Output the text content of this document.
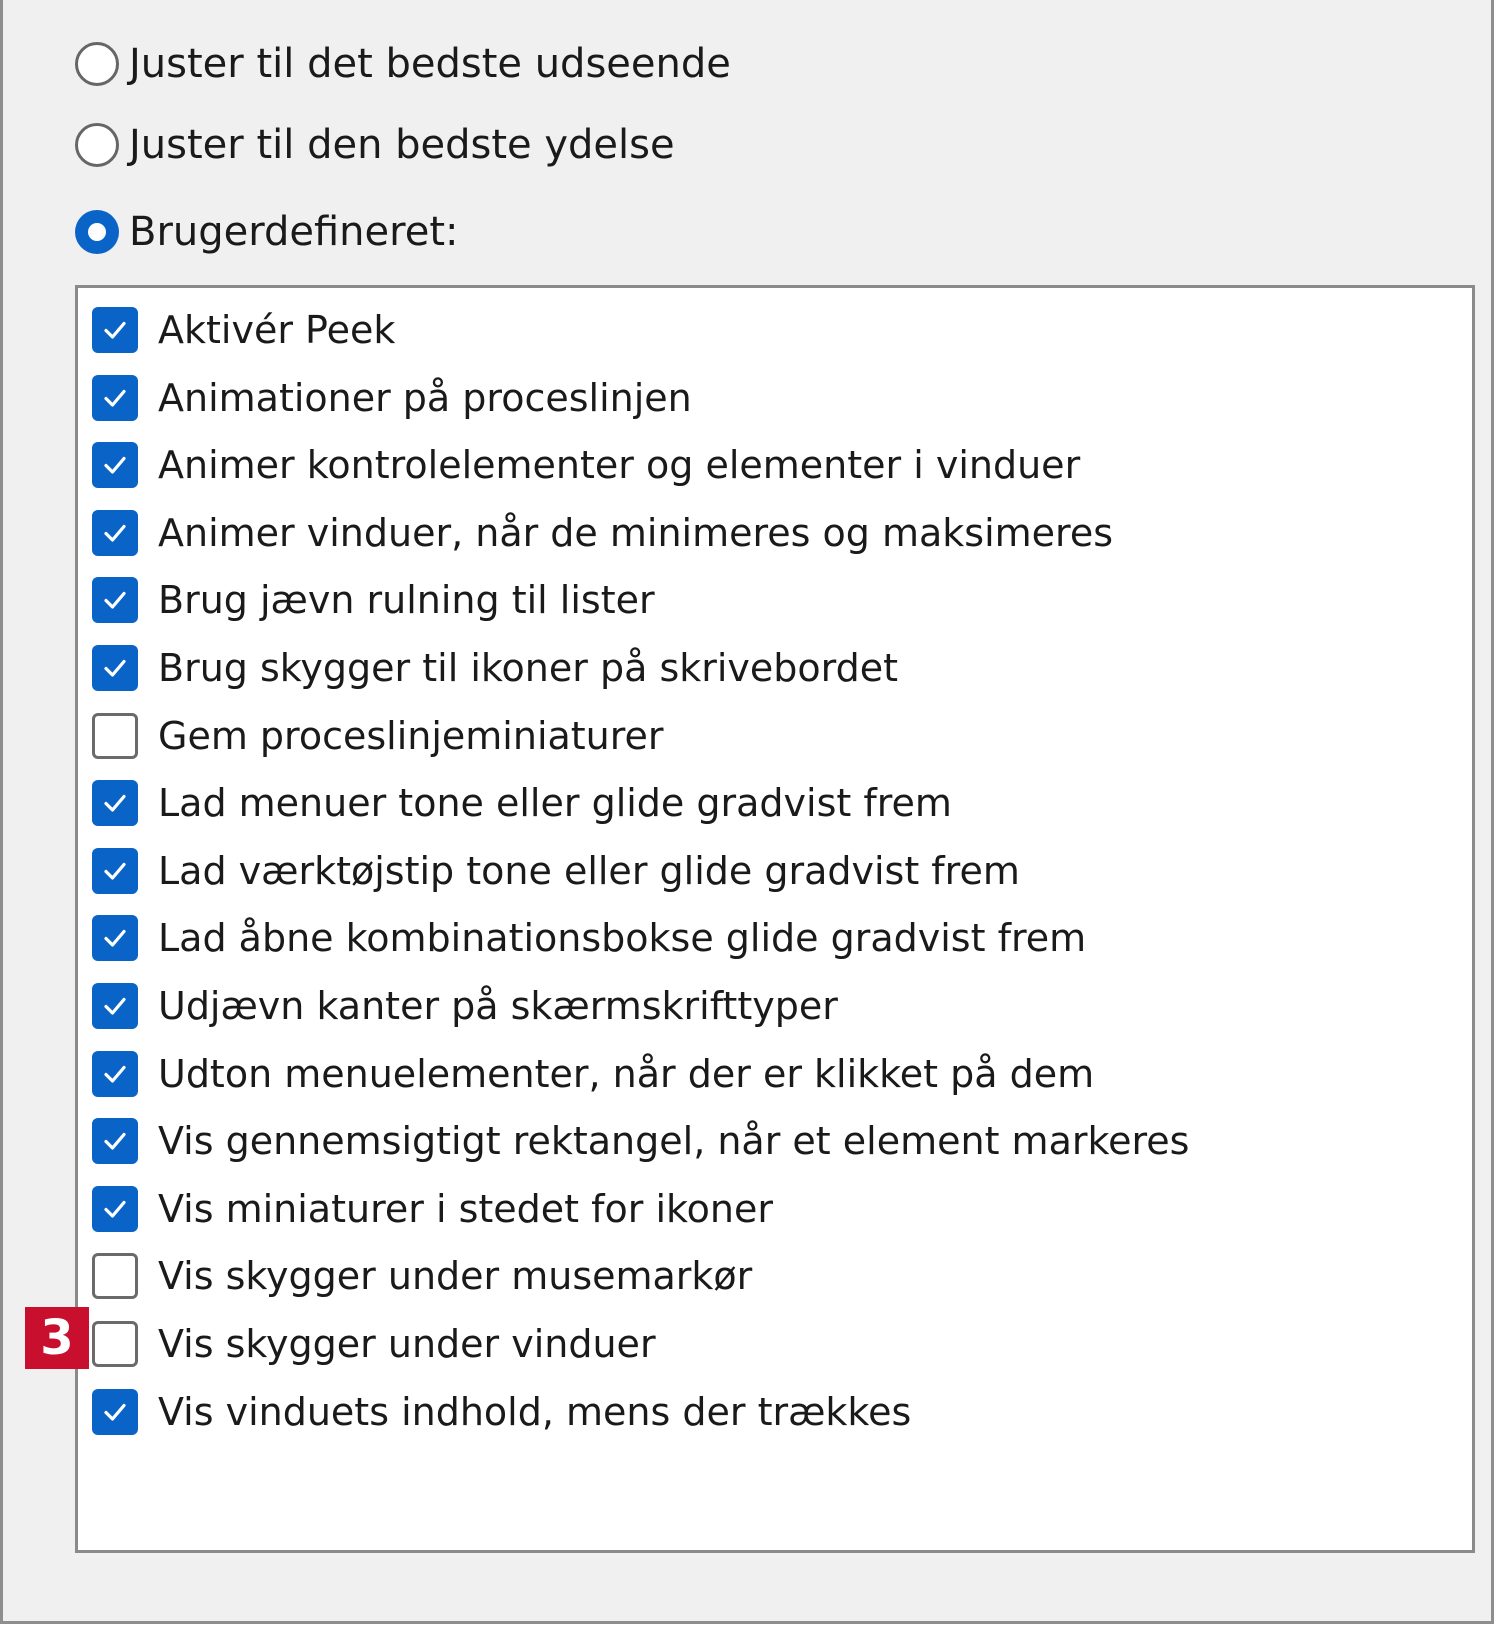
Juster til det bedste udseende
Juster til den bedste ydelse
Brugerdefineret:
Aktivér Peek
Animationer på proceslinjen
Animer kontrolelementer og elementer i vinduer
Animer vinduer, når de minimeres og maksimeres
Brug jævn rulning til lister
Brug skygger til ikoner på skrivebordet
Gem proceslinjeminiaturer
Lad menuer tone eller glide gradvist frem
Lad værktøjstip tone eller glide gradvist frem
Lad åbne kombinationsbokse glide gradvist frem
Udjævn kanter på skærmskrifttyper
Udton menuelementer, når der er klikket på dem
Vis gennemsigtigt rektangel, når et element markeres
Vis miniaturer i stedet for ikoner
Vis skygger under musemarkør
Vis skygger under vinduer
Vis vinduets indhold, mens der trækkes
3
